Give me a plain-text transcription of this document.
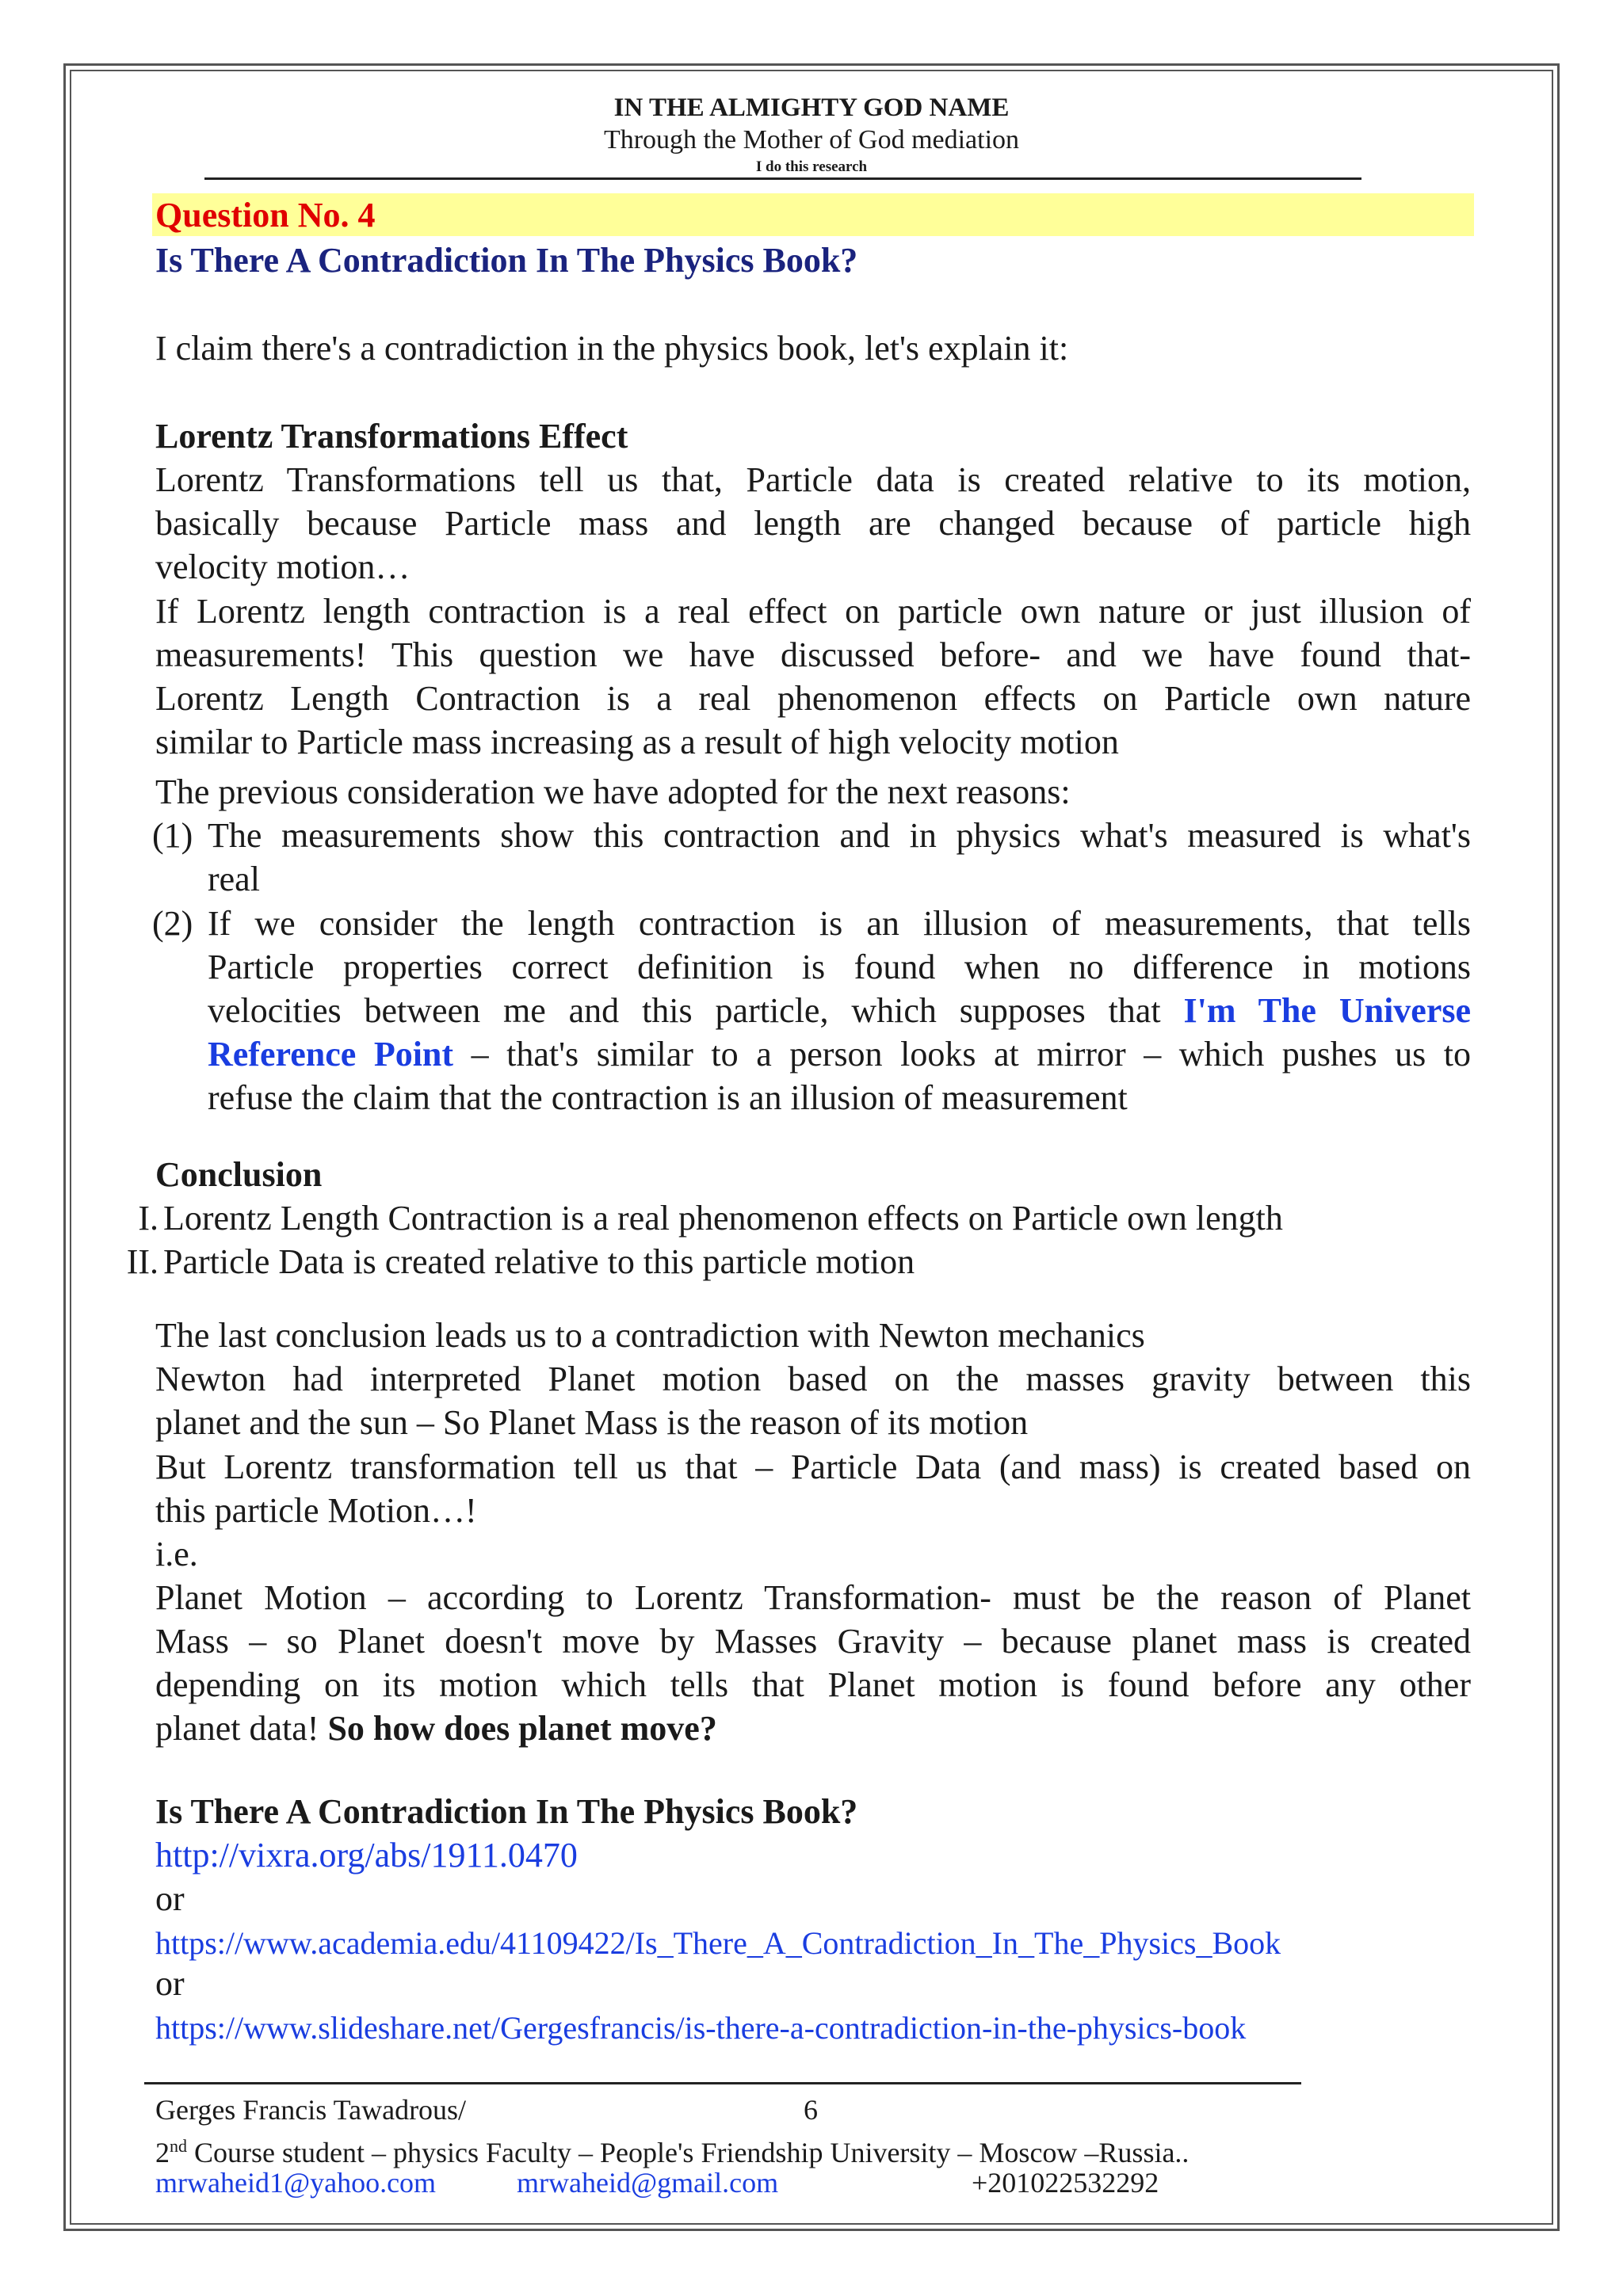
IN THE ALMIGHTY GOD NAME
Through the Mother of God mediation
I do this research
Question No. 4
Is There A Contradiction In The Physics Book?
I claim there's a contradiction in the physics book, let's explain it:
Lorentz Transformations Effect
Lorentz Transformations tell us that, Particle data is created relative to its motion,
basically because Particle mass and length are changed because of particle high
velocity motion…
If Lorentz length contraction is a real effect on particle own nature or just illusion of
measurements! This question we have discussed before- and we have found that-
Lorentz Length Contraction is a real phenomenon effects on Particle own nature
similar to Particle mass increasing as a result of high velocity motion
The previous consideration we have adopted for the next reasons:
(1) The measurements show this contraction and in physics what's measured is what's
real
(2) If we consider the length contraction is an illusion of measurements, that tells
Particle properties correct definition is found when no difference in motions
velocities between me and this particle, which supposes that I'm The Universe
Reference Point – that's similar to a person looks at mirror – which pushes us to
refuse the claim that the contraction is an illusion of measurement
Conclusion
I. Lorentz Length Contraction is a real phenomenon effects on Particle own length
II. Particle Data is created relative to this particle motion
The last conclusion leads us to a contradiction with Newton mechanics
Newton had interpreted Planet motion based on the masses gravity between this
planet and the sun – So Planet Mass is the reason of its motion
But Lorentz transformation tell us that – Particle Data (and mass) is created based on
this particle Motion…!
i.e.
Planet Motion – according to Lorentz Transformation- must be the reason of Planet
Mass – so Planet doesn't move by Masses Gravity – because planet mass is created
depending on its motion which tells that Planet motion is found before any other
planet data! So how does planet move?
Is There A Contradiction In The Physics Book?
http://vixra.org/abs/1911.0470
or
https://www.academia.edu/41109422/Is_There_A_Contradiction_In_The_Physics_Book
or
https://www.slideshare.net/Gergesfrancis/is-there-a-contradiction-in-the-physics-book
Gerges Francis Tawadrous/	6
2nd Course student – physics Faculty – People's Friendship University – Moscow –Russia..
mrwaheid1@yahoo.com	mrwaheid@gmail.com	+201022532292
